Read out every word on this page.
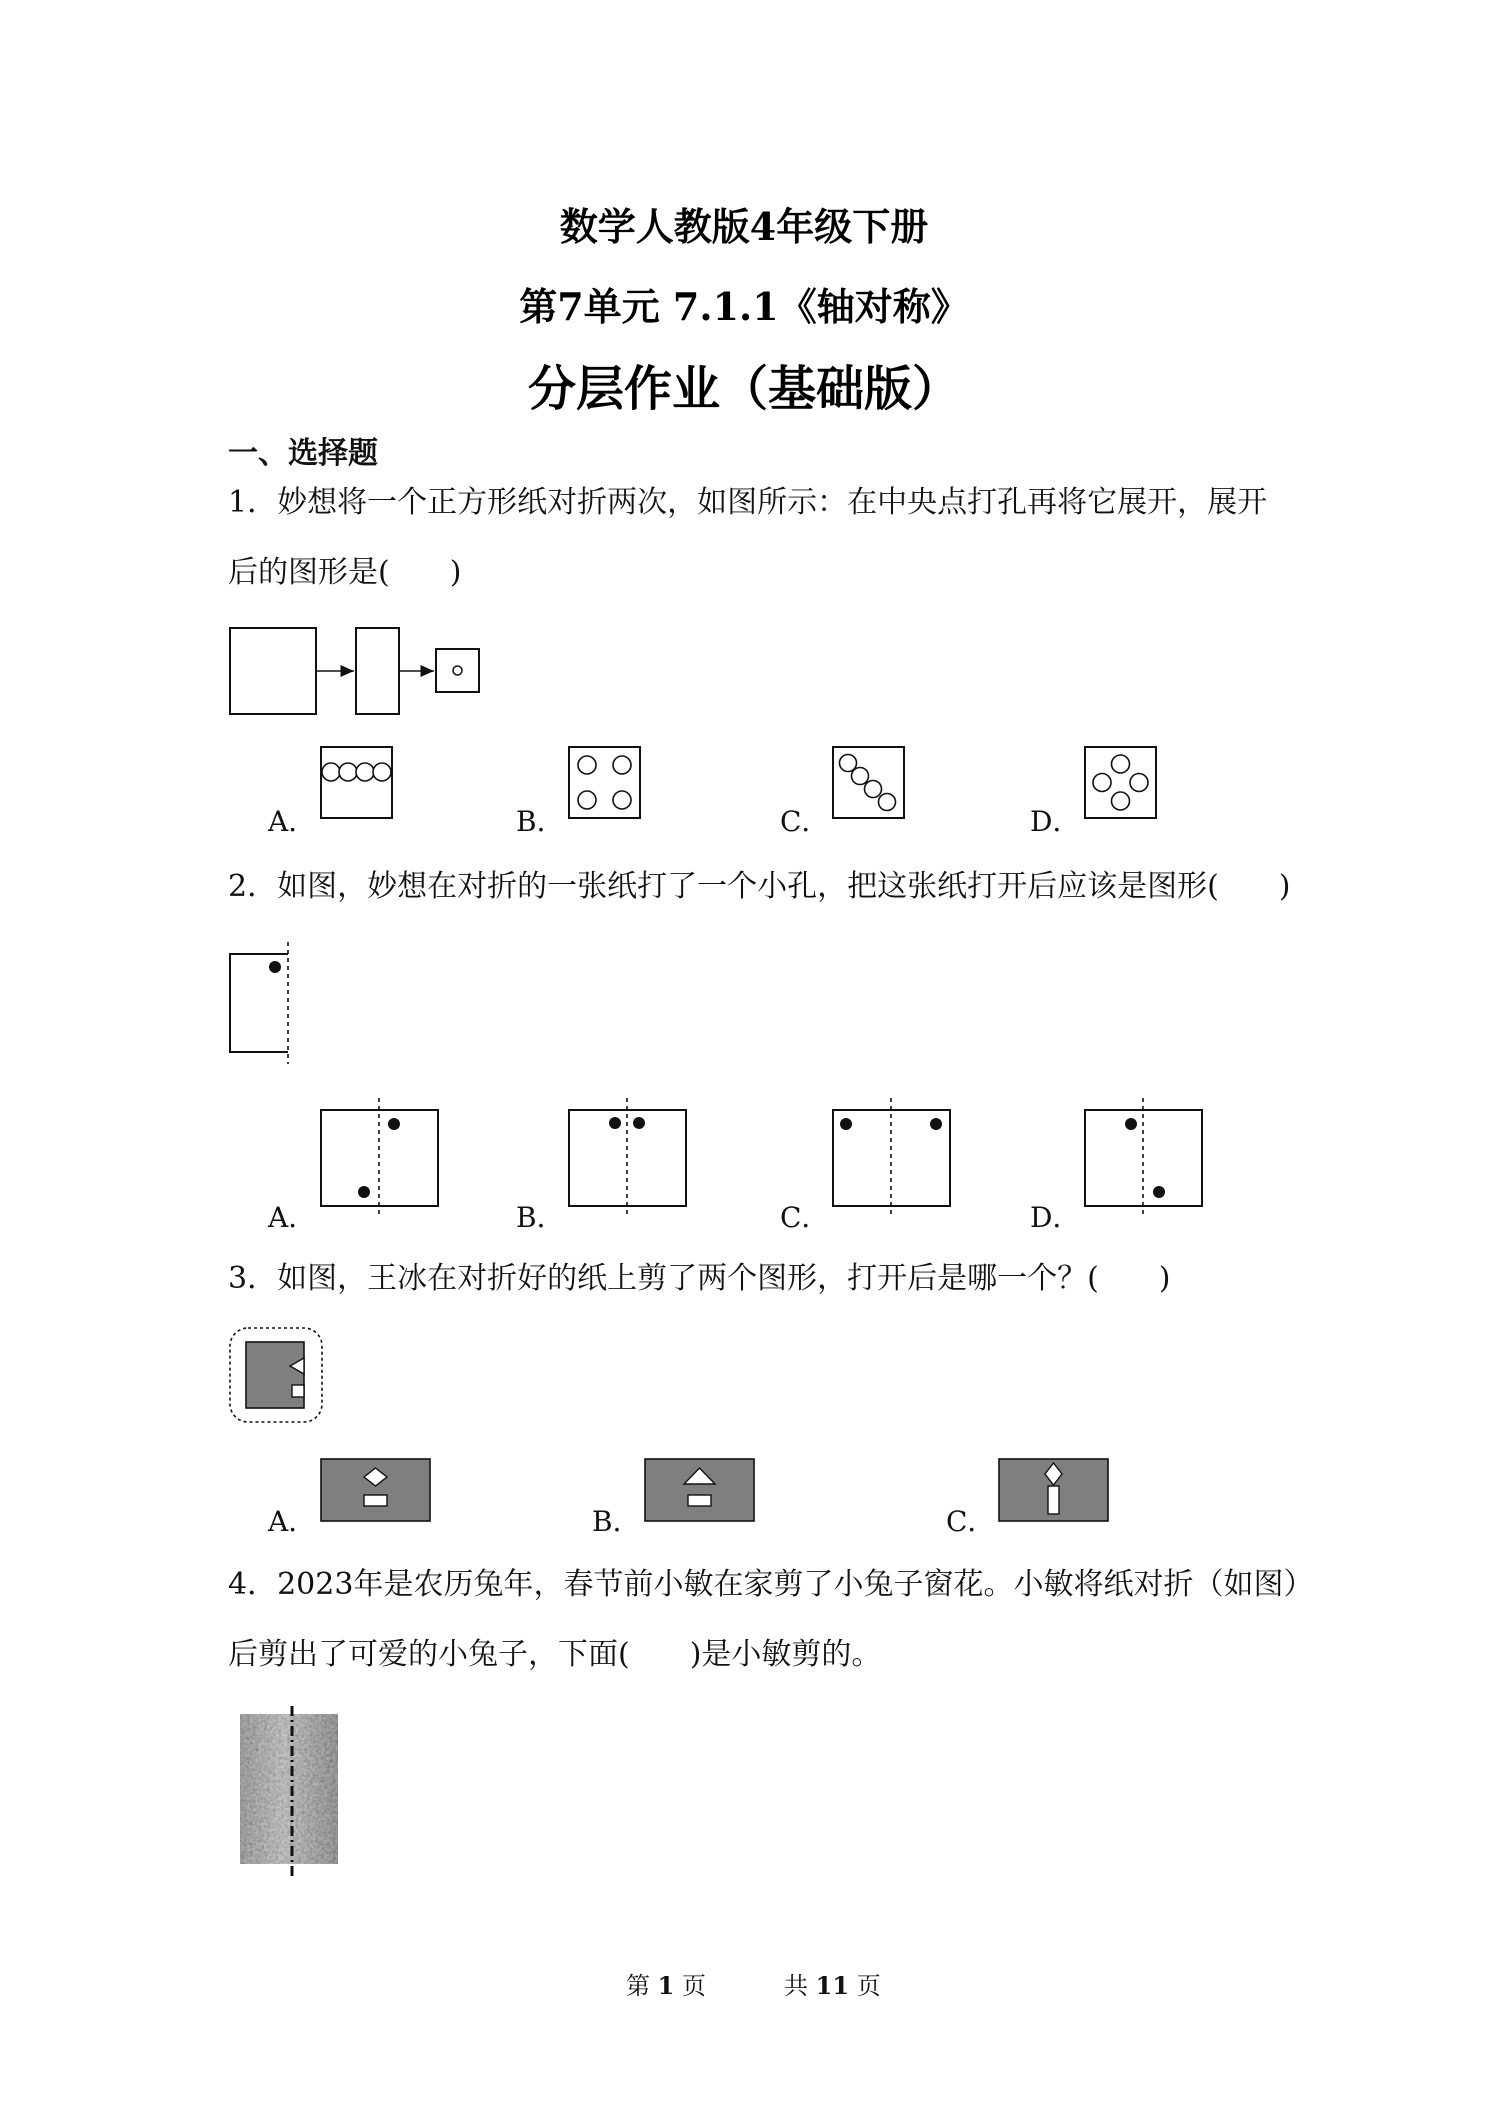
数学人教版4年级下册
第7单元 7.1.1《轴对称》
分层作业（基础版）
一、选择题
1．妙想将一个正方形纸对折两次，如图所示：在中央点打孔再将它展开，展开
后的图形是(　　)
A．	B．	C．	D．
2．如图，妙想在对折的一张纸打了一个小孔，把这张纸打开后应该是图形(　　)
A．	B．	C．	D．
3．如图，王冰在对折好的纸上剪了两个图形，打开后是哪一个？(　　)
A．	B．	C．
4．2023年是农历兔年，春节前小敏在家剪了小兔子窗花。小敏将纸对折（如图）
后剪出了可爱的小兔子，下面(　　)是小敏剪的。
第 1 页	共 11 页
